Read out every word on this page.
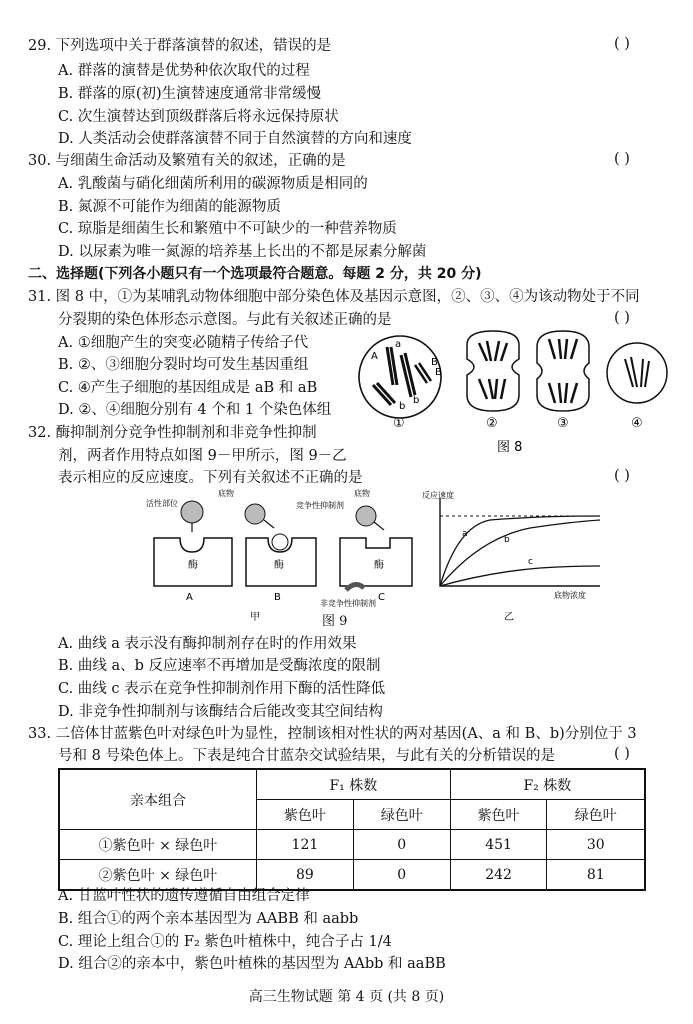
29. 下列选项中关于群落演替的叙述，错误的是	( )
A. 群落的演替是优势种依次取代的过程
B. 群落的原(初)生演替速度通常非常缓慢
C. 次生演替达到顶级群落后将永远保持原状
D. 人类活动会使群落演替不同于自然演替的方向和速度
30. 与细菌生命活动及繁殖有关的叙述，正确的是	( )
A. 乳酸菌与硝化细菌所利用的碳源物质是相同的
B. 氮源不可能作为细菌的能源物质
C. 琼脂是细菌生长和繁殖中不可缺少的一种营养物质
D. 以尿素为唯一氮源的培养基上长出的不都是尿素分解菌
二、选择题(下列各小题只有一个选项最符合题意。每题 2 分，共 20 分)
31. 图 8 中，①为某哺乳动物体细胞中部分染色体及基因示意图，②、③、④为该动物处于不同
分裂期的染色体形态示意图。与此有关叙述正确的是	( )
A. ①细胞产生的突变必随精子传给子代
B. ②、③细胞分裂时均可发生基因重组
C. ④产生子细胞的基因组成是 aB 和 aB
D. ②、④细胞分别有 4 个和 1 个染色体组
A
a
B
B
b
b
①	②	③	④
图 8
32. 酶抑制剂分竞争性抑制剂和非竞争性抑制
剂，两者作用特点如图 9－甲所示，图 9－乙
表示相应的反应速度。下列有关叙述不正确的是	( )
酶
活性部位
A
底物
酶
竞争性抑制剂
B
底物
酶
非竞争性抑制剂
C
甲
a
b
c
反应速度
底物浓度
乙
图 9
A. 曲线 a 表示没有酶抑制剂存在时的作用效果
B. 曲线 a、b 反应速率不再增加是受酶浓度的限制
C. 曲线 c 表示在竞争性抑制剂作用下酶的活性降低
D. 非竞争性抑制剂与该酶结合后能改变其空间结构
33. 二倍体甘蓝紫色叶对绿色叶为显性，控制该相对性状的两对基因(A、a 和 B、b)分别位于 3
号和 8 号染色体上。下表是纯合甘蓝杂交试验结果，与此有关的分析错误的是	( )
亲本组合	F₁ 株数		F₂ 株数	
	紫色叶	绿色叶	紫色叶	绿色叶
①紫色叶 × 绿色叶	121	0	451	30
②紫色叶 × 绿色叶	89	0	242	81
A. 甘蓝叶性状的遗传遵循自由组合定律
B. 组合①的两个亲本基因型为 AABB 和 aabb
C. 理论上组合①的 F₂ 紫色叶植株中，纯合子占 1/4
D. 组合②的亲本中，紫色叶植株的基因型为 AAbb 和 aaBB
高三生物试题 第 4 页 (共 8 页)
